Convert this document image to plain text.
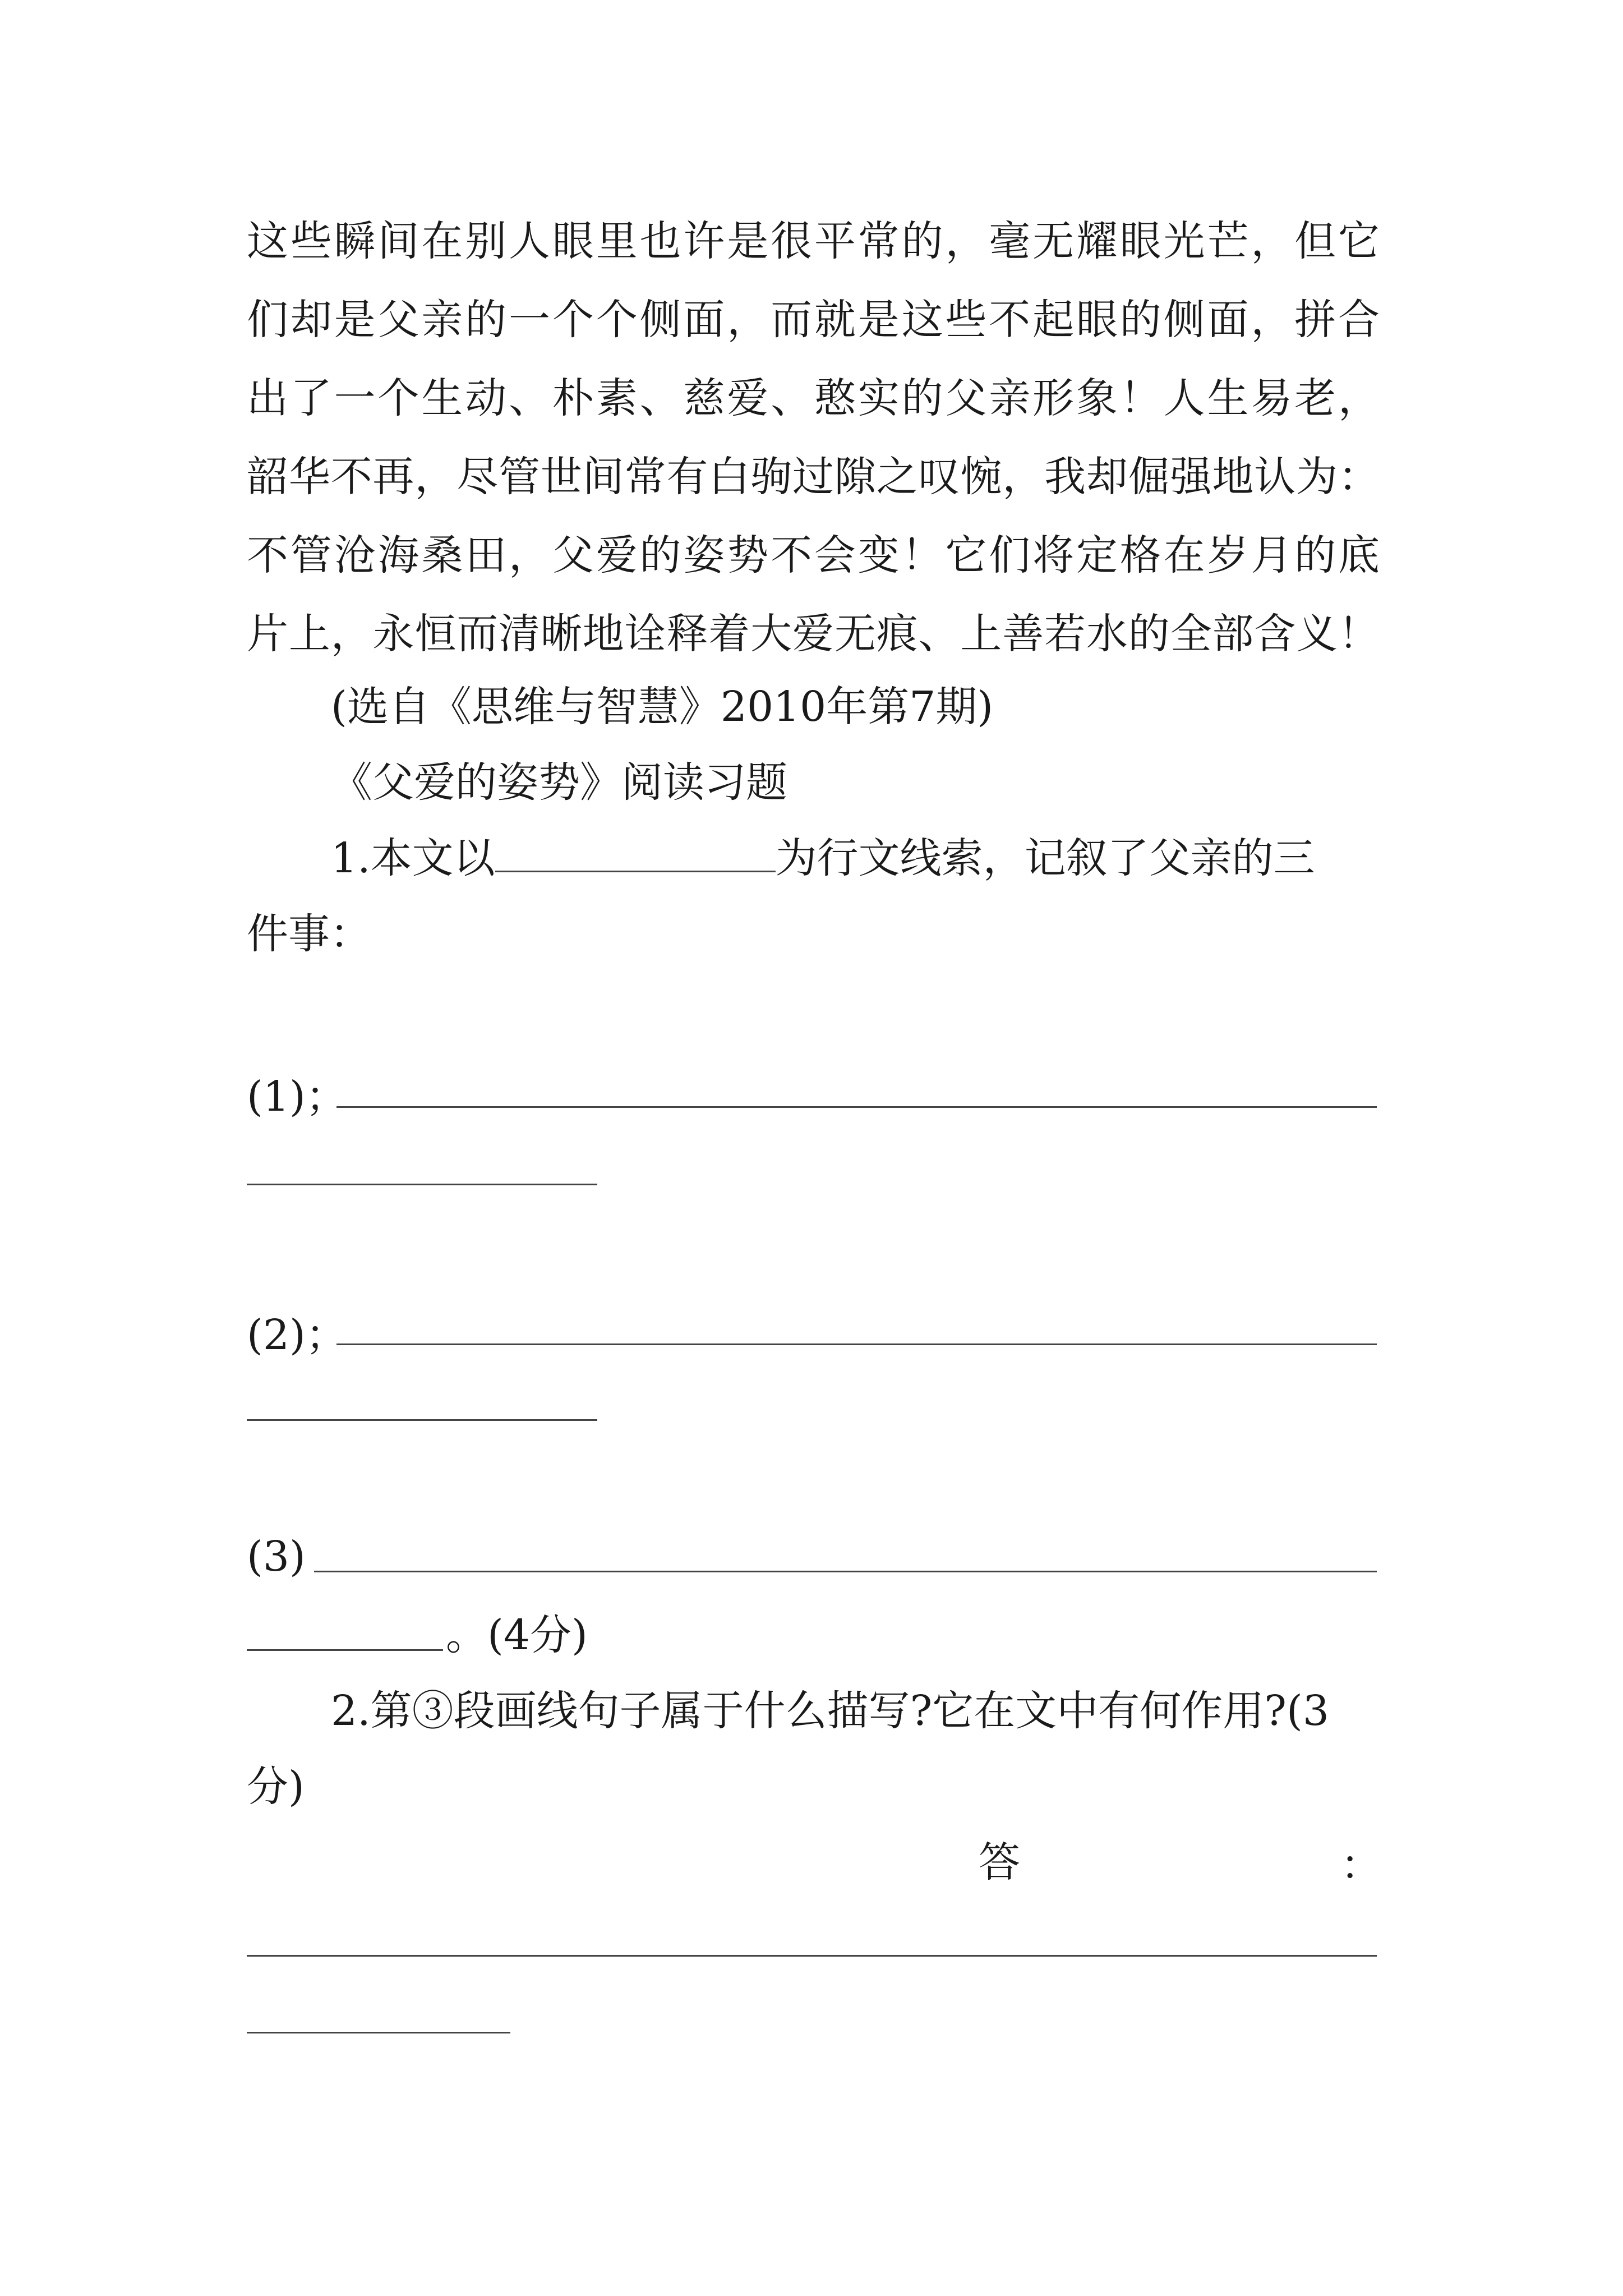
这些瞬间在别人眼里也许是很平常的，毫无耀眼光芒，但它
们却是父亲的一个个侧面，而就是这些不起眼的侧面，拼合
出了一个生动、朴素、慈爱、憨实的父亲形象！人生易老，
韶华不再，尽管世间常有白驹过隙之叹惋，我却倔强地认为：
不管沧海桑田，父爱的姿势不会变！它们将定格在岁月的底
片上，永恒而清晰地诠释着大爱无痕、上善若水的全部含义！
(选自《思维与智慧》2010年第7期)
《父爱的姿势》阅读习题
1.本文以	为行文线索，记叙了父亲的三
件事：
(1)；
(2)；
(3)
。(4分)
2.第③段画线句子属于什么描写?它在文中有何作用?(3
分)
答	：
